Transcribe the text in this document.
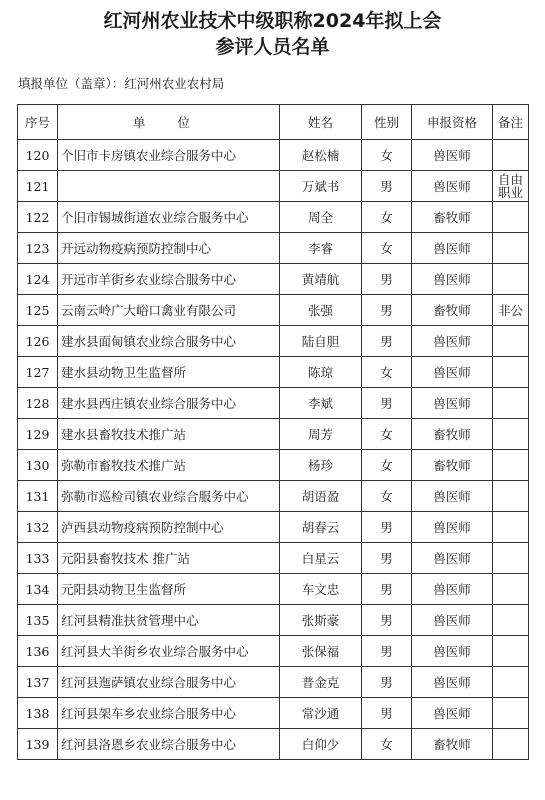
红河州农业技术中级职称2024年拟上会
参评人员名单
填报单位（盖章）：红河州农业农村局
序号	单 位	姓名	性别	申报资格	备注
120	个旧市卡房镇农业综合服务中心	赵松楠	女	兽医师	
121		万斌书	男	兽医师	自由职业
122	个旧市锡城街道农业综合服务中心	周全	女	畜牧师	
123	开远动物疫病预防控制中心	李睿	女	兽医师	
124	开远市羊街乡农业综合服务中心	黄靖航	男	兽医师	
125	云南云岭广大峪口禽业有限公司	张强	男	畜牧师	非公
126	建水县面甸镇农业综合服务中心	陆自胆	男	兽医师	
127	建水县动物卫生监督所	陈琼	女	兽医师	
128	建水县西庄镇农业综合服务中心	李斌	男	兽医师	
129	建水县畜牧技术推广站	周芳	女	畜牧师	
130	弥勒市畜牧技术推广站	杨珍	女	畜牧师	
131	弥勒市巡检司镇农业综合服务中心	胡语盈	女	兽医师	
132	泸西县动物疫病预防控制中心	胡春云	男	兽医师	
133	元阳县畜牧技术 推广站	白星云	男	兽医师	
134	元阳县动物卫生监督所	车文忠	男	兽医师	
135	红河县精准扶贫管理中心	张斯豪	男	兽医师	
136	红河县大羊街乡农业综合服务中心	张保福	男	兽医师	
137	红河县迤萨镇农业综合服务中心	普金克	男	兽医师	
138	红河县架车乡农业综合服务中心	常沙通	男	兽医师	
139	红河县洛恩乡农业综合服务中心	白仰少	女	畜牧师	
